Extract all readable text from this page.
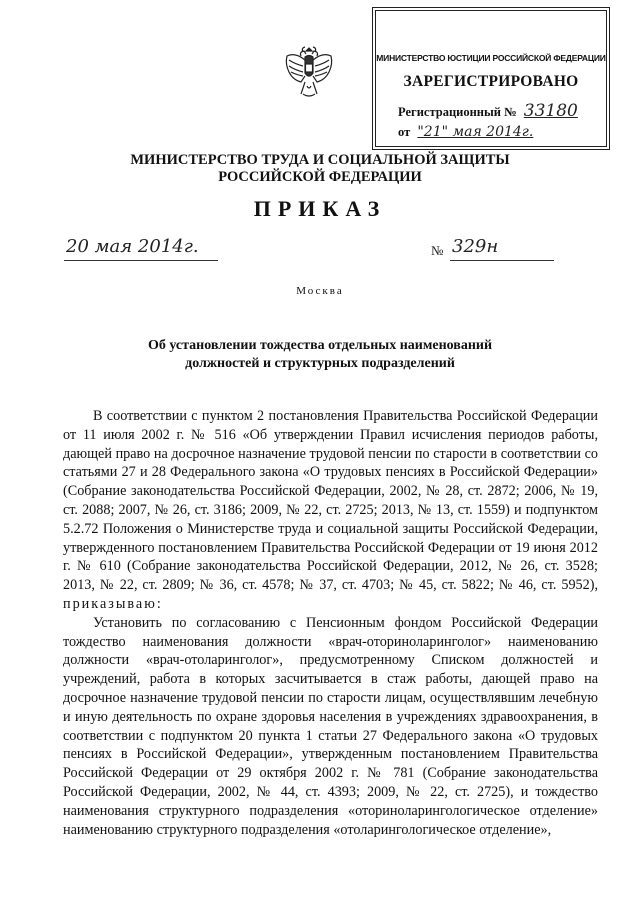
МИНИСТЕРСТВО ЮСТИЦИИ РОССИЙСКОЙ ФЕДЕРАЦИИ
ЗАРЕГИСТРИРОВАНО
Регистрационный № 33180
от "21" мая 2014г.
МИНИСТЕРСТВО ТРУДА И СОЦИАЛЬНОЙ ЗАЩИТЫ
РОССИЙСКОЙ ФЕДЕРАЦИИ
ПРИКАЗ
20 мая 2014г.	№ 329н
Москва
Об установлении тождества отдельных наименований
должностей и структурных подразделений

В соответствии с пунктом 2 постановления Правительства Российской Федерации от 11 июля 2002 г. № 516 «Об утверждении Правил исчисления периодов работы, дающей право на досрочное назначение трудовой пенсии по старости в соответствии со статьями 27 и 28 Федерального закона «О трудовых пенсиях в Российской Федерации» (Собрание законодательства Российской Федерации, 2002, № 28, ст. 2872; 2006, № 19, ст. 2088; 2007, № 26, ст. 3186; 2009, № 22, ст. 2725; 2013, № 13, ст. 1559) и подпунктом 5.2.72 Положения о Министерстве труда и социальной защиты Российской Федерации, утвержденного постановлением Правительства Российской Федерации от 19 июня 2012 г. № 610 (Собрание законодательства Российской Федерации, 2012, № 26, ст. 3528; 2013, № 22, ст. 2809; № 36, ст. 4578; № 37, ст. 4703; № 45, ст. 5822; № 46, ст. 5952), приказываю:

Установить по согласованию с Пенсионным фондом Российской Федерации тождество наименования должности «врач-оториноларинголог» наименованию должности «врач-отоларинголог», предусмотренному Списком должностей и учреждений, работа в которых засчитывается в стаж работы, дающей право на досрочное назначение трудовой пенсии по старости лицам, осуществлявшим лечебную и иную деятельность по охране здоровья населения в учреждениях здравоохранения, в соответствии с подпунктом 20 пункта 1 статьи 27 Федерального закона «О трудовых пенсиях в Российской Федерации», утвержденным постановлением Правительства Российской Федерации от 29 октября 2002 г. № 781 (Собрание законодательства Российской Федерации, 2002, № 44, ст. 4393; 2009, № 22, ст. 2725), и тождество наименования структурного подразделения «оториноларингологическое отделение» наименованию структурного подразделения «отоларингологическое отделение»,
